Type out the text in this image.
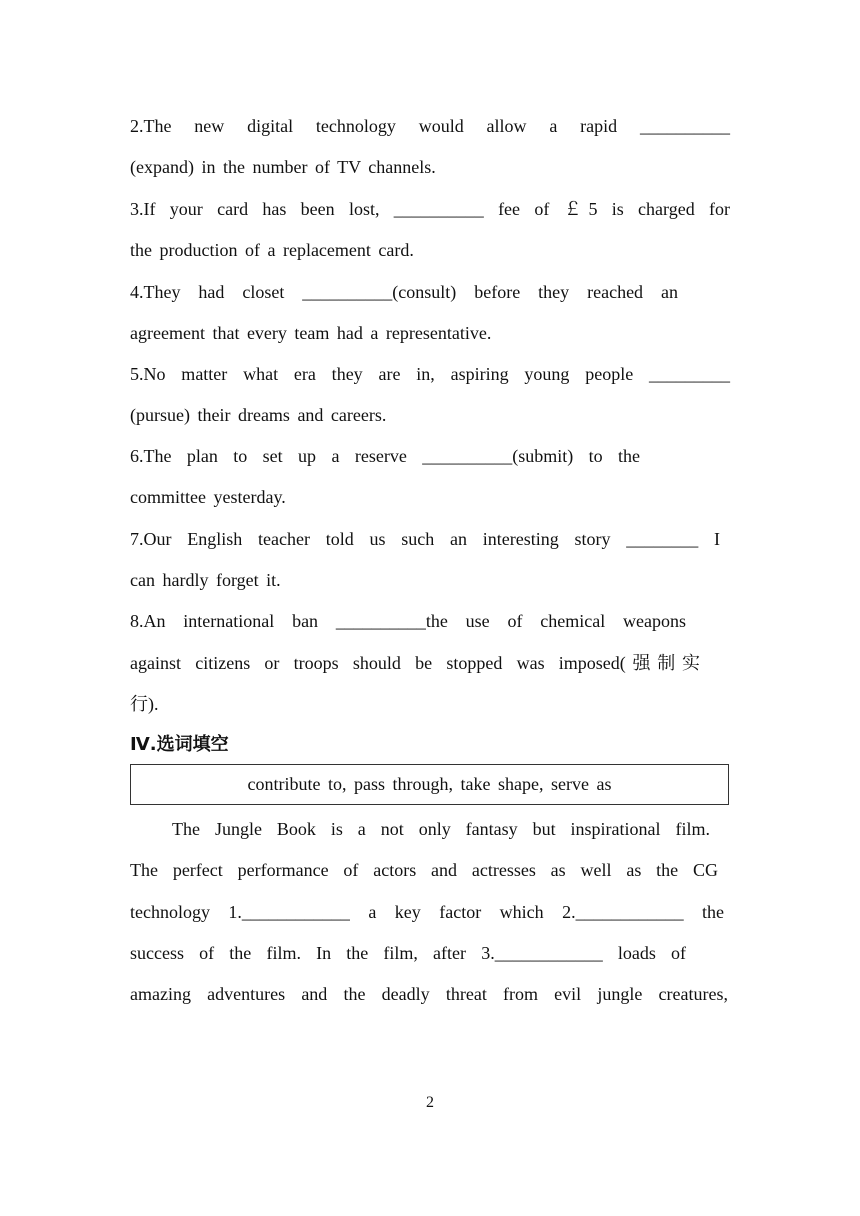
2.The new digital technology would allow a rapid __________
(expand) in the number of TV channels.
3.If your card has been lost, __________ fee of ￡5 is charged for
the production of a replacement card.
4.They had closet __________(consult) before they reached an
agreement that every team had a representative.
5.No matter what era they are in, aspiring young people _________
(pursue) their dreams and careers.
6.The plan to set up a reserve __________(submit) to the
committee yesterday.
7.Our English teacher told us such an interesting story ________ I
can hardly forget it.
8.An international ban __________the use of chemical weapons
against citizens or troops should be stopped was imposed(强制实
行).
Ⅳ.选词填空
contribute to, pass through, take shape, serve as
The Jungle Book is a not only fantasy but inspirational film.
The perfect performance of actors and actresses as well as the CG
technology 1.____________ a key factor which 2.____________ the
success of the film. In the film, after 3.____________ loads of
amazing adventures and the deadly threat from evil jungle creatures,
2
